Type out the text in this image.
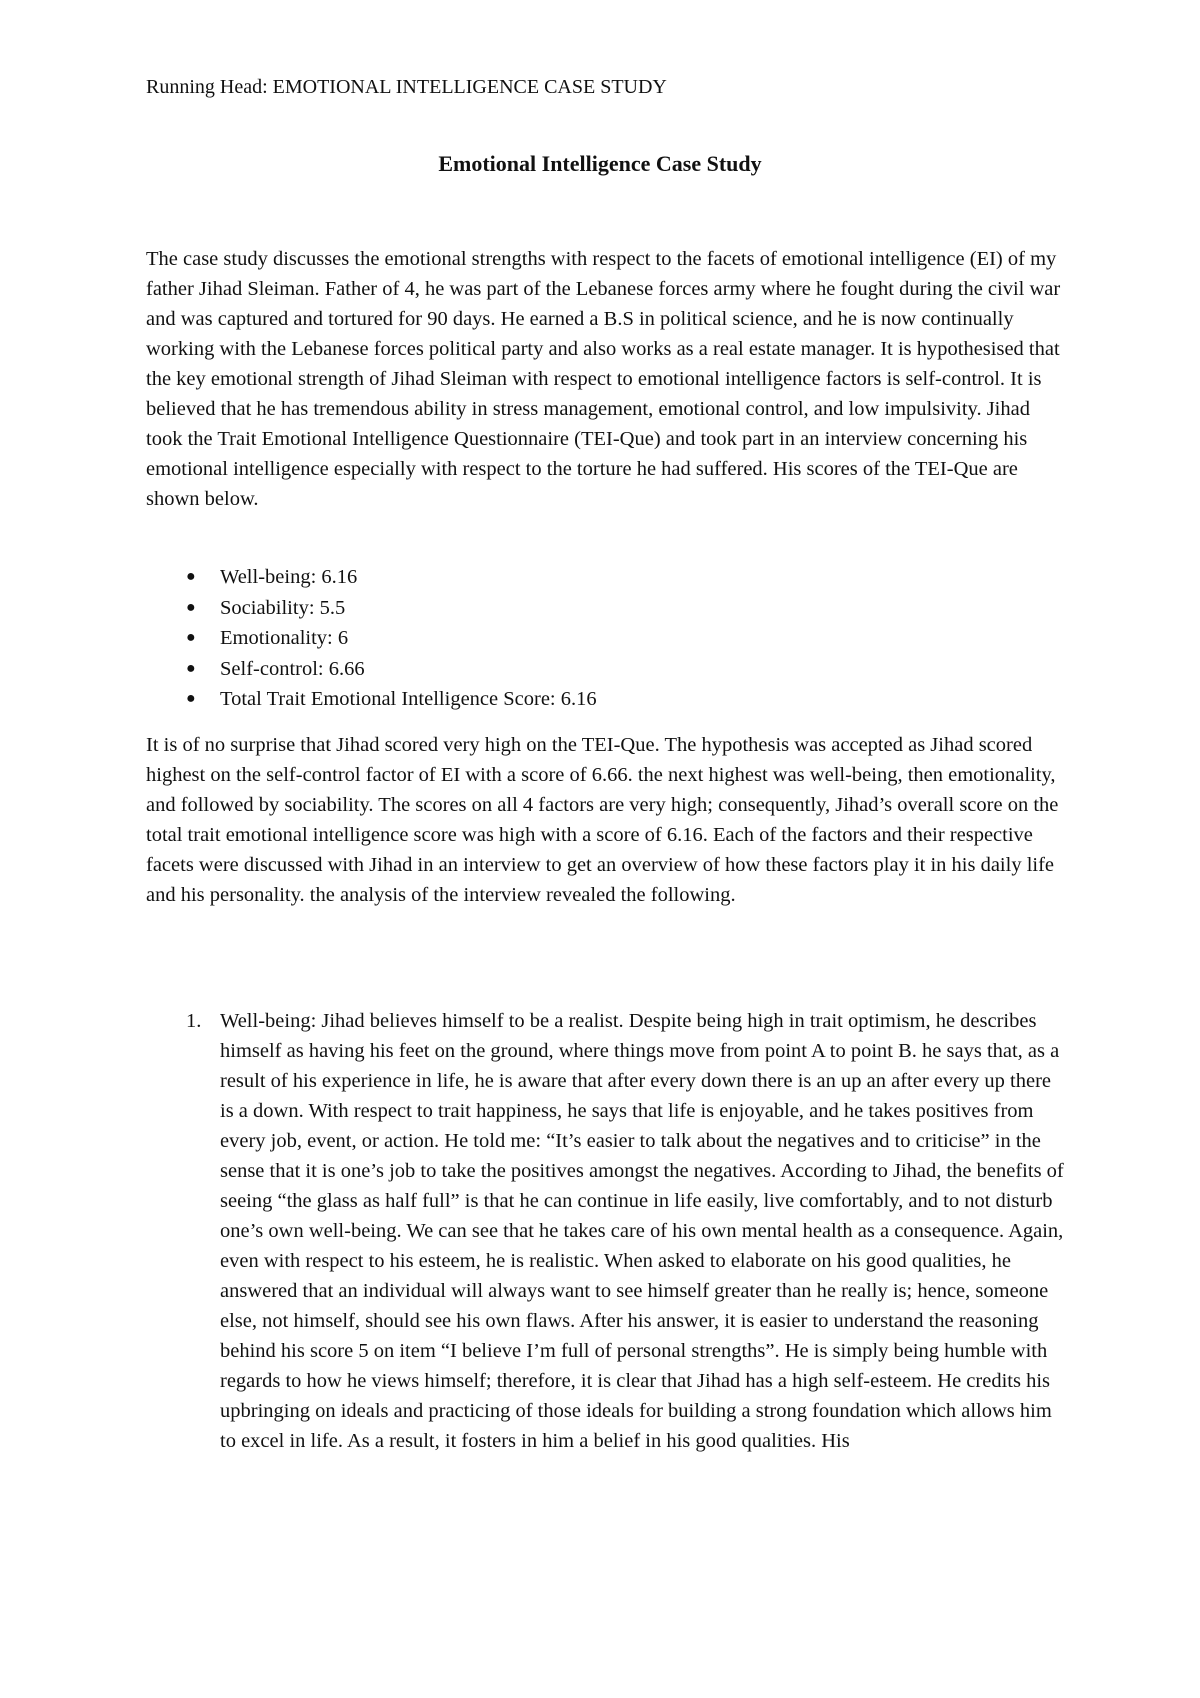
Running Head: EMOTIONAL INTELLIGENCE CASE STUDY
Emotional Intelligence Case Study

The case study discusses the emotional strengths with respect to the facets of emotional intelligence (EI) of my father Jihad Sleiman. Father of 4, he was part of the Lebanese forces army where he fought during the civil war and was captured and tortured for 90 days. He earned a B.S in political science, and he is now continually working with the Lebanese forces political party and also works as a real estate manager. It is hypothesised that the key emotional strength of Jihad Sleiman with respect to emotional intelligence factors is self-control. It is believed that he has tremendous ability in stress management, emotional control, and low impulsivity. Jihad took the Trait Emotional Intelligence Questionnaire (TEI-Que) and took part in an interview concerning his emotional intelligence especially with respect to the torture he had suffered. His scores of the TEI-Que are shown below.

● Well-being: 6.16
● Sociability: 5.5
● Emotionality: 6
● Self-control: 6.66
● Total Trait Emotional Intelligence Score: 6.16

It is of no surprise that Jihad scored very high on the TEI-Que. The hypothesis was accepted as Jihad scored highest on the self-control factor of EI with a score of 6.66. the next highest was well-being, then emotionality, and followed by sociability. The scores on all 4 factors are very high; consequently, Jihad’s overall score on the total trait emotional intelligence score was high with a score of 6.16. Each of the factors and their respective facets were discussed with Jihad in an interview to get an overview of how these factors play it in his daily life and his personality. the analysis of the interview revealed the following.

1. Well-being: Jihad believes himself to be a realist. Despite being high in trait optimism, he describes himself as having his feet on the ground, where things move from point A to point B. he says that, as a result of his experience in life, he is aware that after every down there is an up an after every up there is a down. With respect to trait happiness, he says that life is enjoyable, and he takes positives from every job, event, or action. He told me: “It’s easier to talk about the negatives and to criticise” in the sense that it is one’s job to take the positives amongst the negatives. According to Jihad, the benefits of seeing “the glass as half full” is that he can continue in life easily, live comfortably, and to not disturb one’s own well-being. We can see that he takes care of his own mental health as a consequence. Again, even with respect to his esteem, he is realistic. When asked to elaborate on his good qualities, he answered that an individual will always want to see himself greater than he really is; hence, someone else, not himself, should see his own flaws. After his answer, it is easier to understand the reasoning behind his score 5 on item “I believe I’m full of personal strengths”. He is simply being humble with regards to how he views himself; therefore, it is clear that Jihad has a high self-esteem. He credits his upbringing on ideals and practicing of those ideals for building a strong foundation which allows him to excel in life. As a result, it fosters in him a belief in his good qualities. His
